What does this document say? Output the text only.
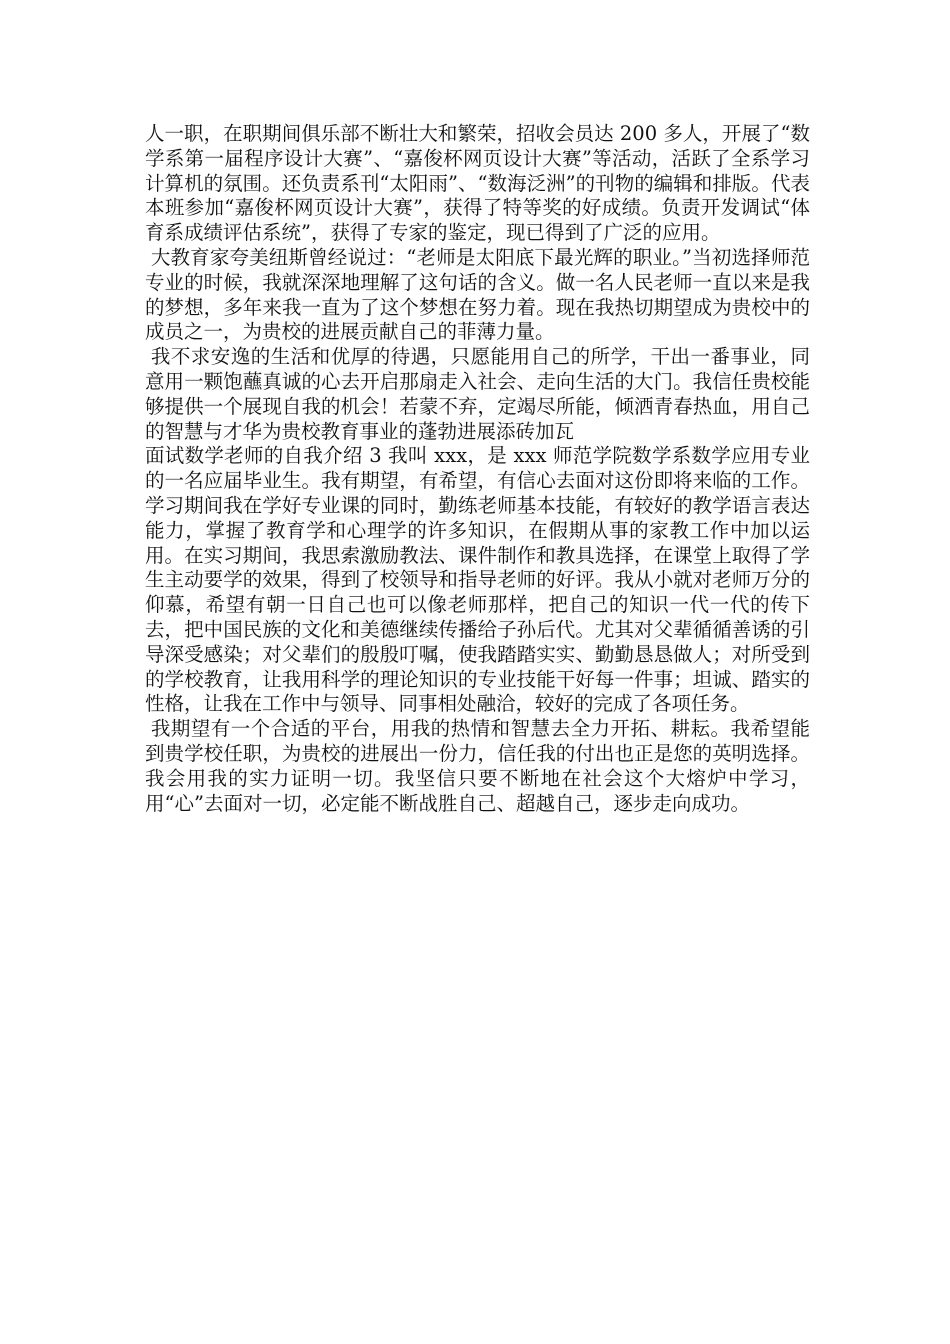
人一职，在职期间俱乐部不断壮大和繁荣，招收会员达 200 多人，开展了“数学系第一届程序设计大赛”、“嘉俊杯网页设计大赛”等活动，活跃了全系学习计算机的氛围。还负责系刊“太阳雨”、“数海泛洲”的刊物的编辑和排版。代表本班参加“嘉俊杯网页设计大赛”，获得了特等奖的好成绩。负责开发调试“体育系成绩评估系统”，获得了专家的鉴定，现已得到了广泛的应用。

大教育家夸美纽斯曾经说过：“老师是太阳底下最光辉的职业。”当初选择师范专业的时候，我就深深地理解了这句话的含义。做一名人民老师一直以来是我的梦想，多年来我一直为了这个梦想在努力着。现在我热切期望成为贵校中的成员之一，为贵校的进展贡献自己的菲薄力量。

我不求安逸的生活和优厚的待遇，只愿能用自己的所学，干出一番事业，同意用一颗饱蘸真诚的心去开启那扇走入社会、走向生活的大门。我信任贵校能够提供一个展现自我的机会！若蒙不弃，定竭尽所能，倾洒青春热血，用自己的智慧与才华为贵校教育事业的蓬勃进展添砖加瓦

面试数学老师的自我介绍 3 我叫 xxx，是 xxx 师范学院数学系数学应用专业的一名应届毕业生。我有期望，有希望，有信心去面对这份即将来临的工作。学习期间我在学好专业课的同时，勤练老师基本技能，有较好的教学语言表达能力，掌握了教育学和心理学的许多知识，在假期从事的家教工作中加以运用。在实习期间，我思索激励教法、课件制作和教具选择，在课堂上取得了学生主动要学的效果，得到了校领导和指导老师的好评。我从小就对老师万分的仰慕，希望有朝一日自己也可以像老师那样，把自己的知识一代一代的传下去，把中国民族的文化和美德继续传播给子孙后代。尤其对父辈循循善诱的引导深受感染；对父辈们的殷殷叮嘱，使我踏踏实实、勤勤恳恳做人；对所受到的学校教育，让我用科学的理论知识的专业技能干好每一件事；坦诚、踏实的性格，让我在工作中与领导、同事相处融洽，较好的完成了各项任务。

我期望有一个合适的平台，用我的热情和智慧去全力开拓、耕耘。我希望能到贵学校任职，为贵校的进展出一份力，信任我的付出也正是您的英明选择。我会用我的实力证明一切。我坚信只要不断地在社会这个大熔炉中学习，用“心”去面对一切，必定能不断战胜自己、超越自己，逐步走向成功。
